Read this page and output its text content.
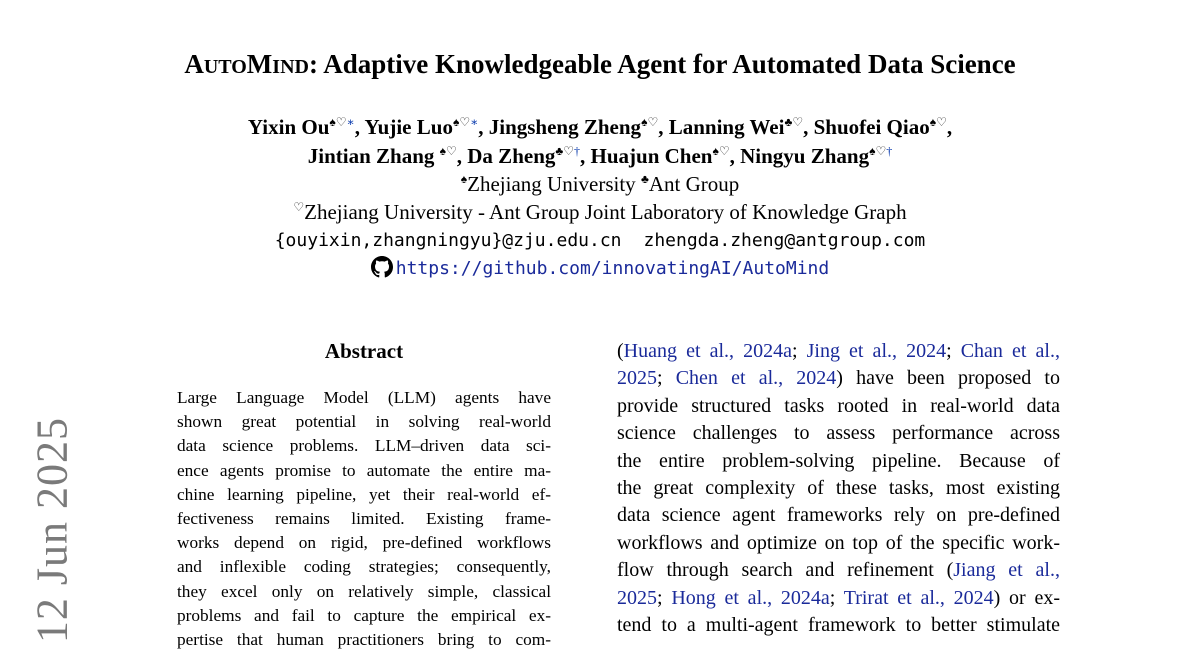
AUTOMIND: Adaptive Knowledgeable Agent for Automated Data Science
Yixin Ou♠♡∗, Yujie Luo♠♡∗, Jingsheng Zheng♠♡, Lanning Wei♣♡, Shuofei Qiao♠♡,
Jintian Zhang ♠♡, Da Zheng♣♡†, Huajun Chen♠♡, Ningyu Zhang♠♡†
♠Zhejiang University ♣Ant Group
♡Zhejiang University - Ant Group Joint Laboratory of Knowledge Graph
{ouyixin,zhangningyu}@zju.edu.cn zhengda.zheng@antgroup.com
https://github.com/innovatingAI/AutoMind
Abstract
Large Language Model (LLM) agents have
shown great potential in solving real-world
data science problems. LLM–driven data sci-
ence agents promise to automate the entire ma-
chine learning pipeline, yet their real-world ef-
fectiveness remains limited. Existing frame-
works depend on rigid, pre-defined workflows
and inflexible coding strategies; consequently,
they excel only on relatively simple, classical
problems and fail to capture the empirical ex-
pertise that human practitioners bring to com-
(Huang et al., 2024a; Jing et al., 2024; Chan et al.,
2025; Chen et al., 2024) have been proposed to
provide structured tasks rooted in real-world data
science challenges to assess performance across
the entire problem-solving pipeline. Because of
the great complexity of these tasks, most existing
data science agent frameworks rely on pre-defined
workflows and optimize on top of the specific work-
flow through search and refinement (Jiang et al.,
2025; Hong et al., 2024a; Trirat et al., 2024) or ex-
tend to a multi-agent framework to better stimulate
12 Jun 2025
